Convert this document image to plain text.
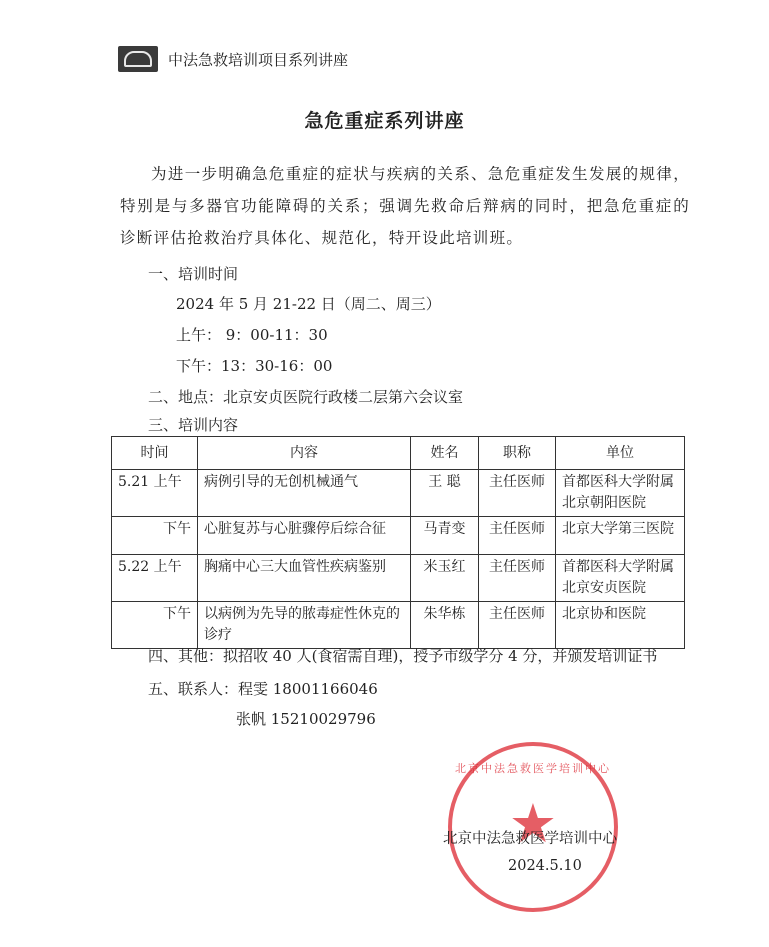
中法急救培训项目系列讲座
急危重症系列讲座
为进一步明确急危重症的症状与疾病的关系、急危重症发生发展的规律，特别是与多器官功能障碍的关系；强调先救命后辩病的同时，把急危重症的诊断评估抢救治疗具体化、规范化，特开设此培训班。
一、培训时间
2024 年 5 月 21-22 日（周二、周三）
上午： 9：00-11：30
下午：13：30-16：00
二、地点：北京安贞医院行政楼二层第六会议室
三、培训内容
时间	内容	姓名	职称	单位
5.21 上午	病例引导的无创机械通气	王 聪	主任医师	首都医科大学附属北京朝阳医院
下午	心脏复苏与心脏骤停后综合征	马青变	主任医师	北京大学第三医院
5.22 上午	胸痛中心三大血管性疾病鉴别	米玉红	主任医师	首都医科大学附属北京安贞医院
下午	以病例为先导的脓毒症性休克的诊疗	朱华栋	主任医师	北京协和医院
四、其他：拟招收 40 人(食宿需自理)，授予市级学分 4 分，并颁发培训证书
五、联系人：程雯 18001166046
张帆 15210029796
北京中法急救医学培训中心
★
北京中法急救医学培训中心
2024.5.10
